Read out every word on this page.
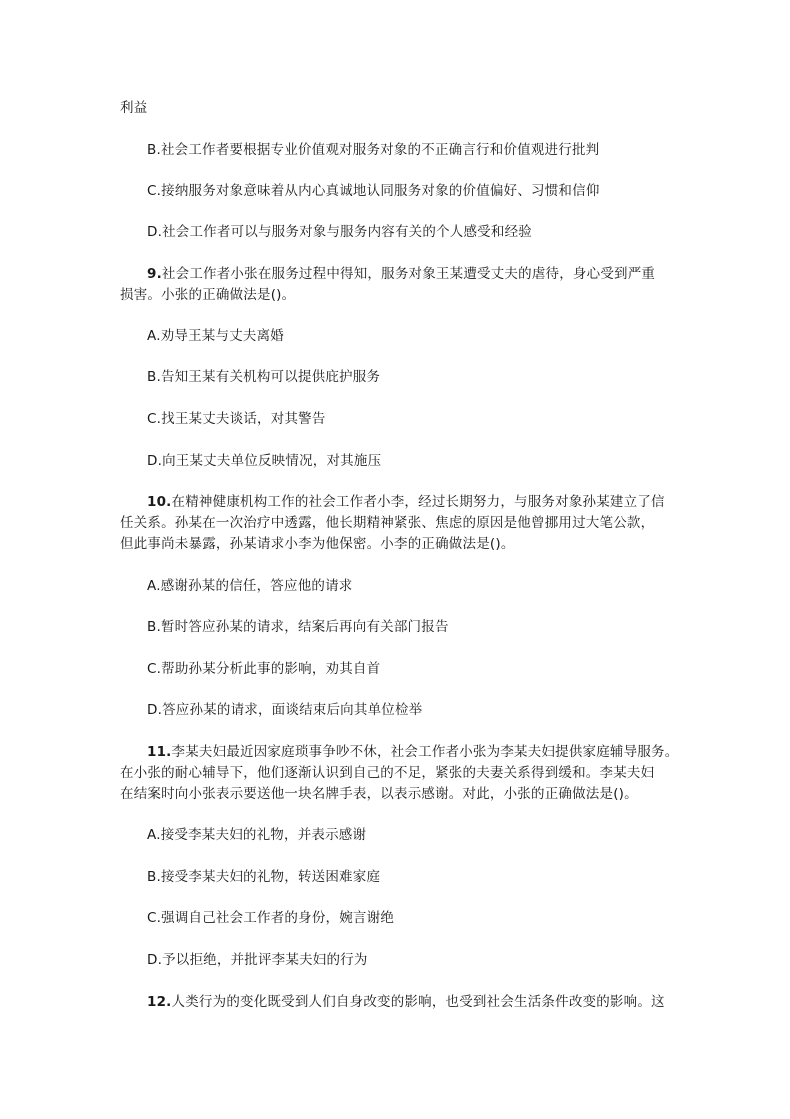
利益
B.社会工作者要根据专业价值观对服务对象的不正确言行和价值观进行批判
C.接纳服务对象意味着从内心真诚地认同服务对象的价值偏好、习惯和信仰
D.社会工作者可以与服务对象与服务内容有关的个人感受和经验
9.社会工作者小张在服务过程中得知，服务对象王某遭受丈夫的虐待，身心受到严重
损害。小张的正确做法是()。
A.劝导王某与丈夫离婚
B.告知王某有关机构可以提供庇护服务
C.找王某丈夫谈话，对其警告
D.向王某丈夫单位反映情况，对其施压
10.在精神健康机构工作的社会工作者小李，经过长期努力，与服务对象孙某建立了信
任关系。孙某在一次治疗中透露，他长期精神紧张、焦虑的原因是他曾挪用过大笔公款，
但此事尚未暴露，孙某请求小李为他保密。小李的正确做法是()。
A.感谢孙某的信任，答应他的请求
B.暂时答应孙某的请求，结案后再向有关部门报告
C.帮助孙某分析此事的影响，劝其自首
D.答应孙某的请求，面谈结束后向其单位检举
11.李某夫妇最近因家庭琐事争吵不休，社会工作者小张为李某夫妇提供家庭辅导服务。
在小张的耐心辅导下，他们逐渐认识到自己的不足，紧张的夫妻关系得到缓和。李某夫妇
在结案时向小张表示要送他一块名牌手表，以表示感谢。对此，小张的正确做法是()。
A.接受李某夫妇的礼物，并表示感谢
B.接受李某夫妇的礼物，转送困难家庭
C.强调自己社会工作者的身份，婉言谢绝
D.予以拒绝，并批评李某夫妇的行为
12.人类行为的变化既受到人们自身改变的影响，也受到社会生活条件改变的影响。这
